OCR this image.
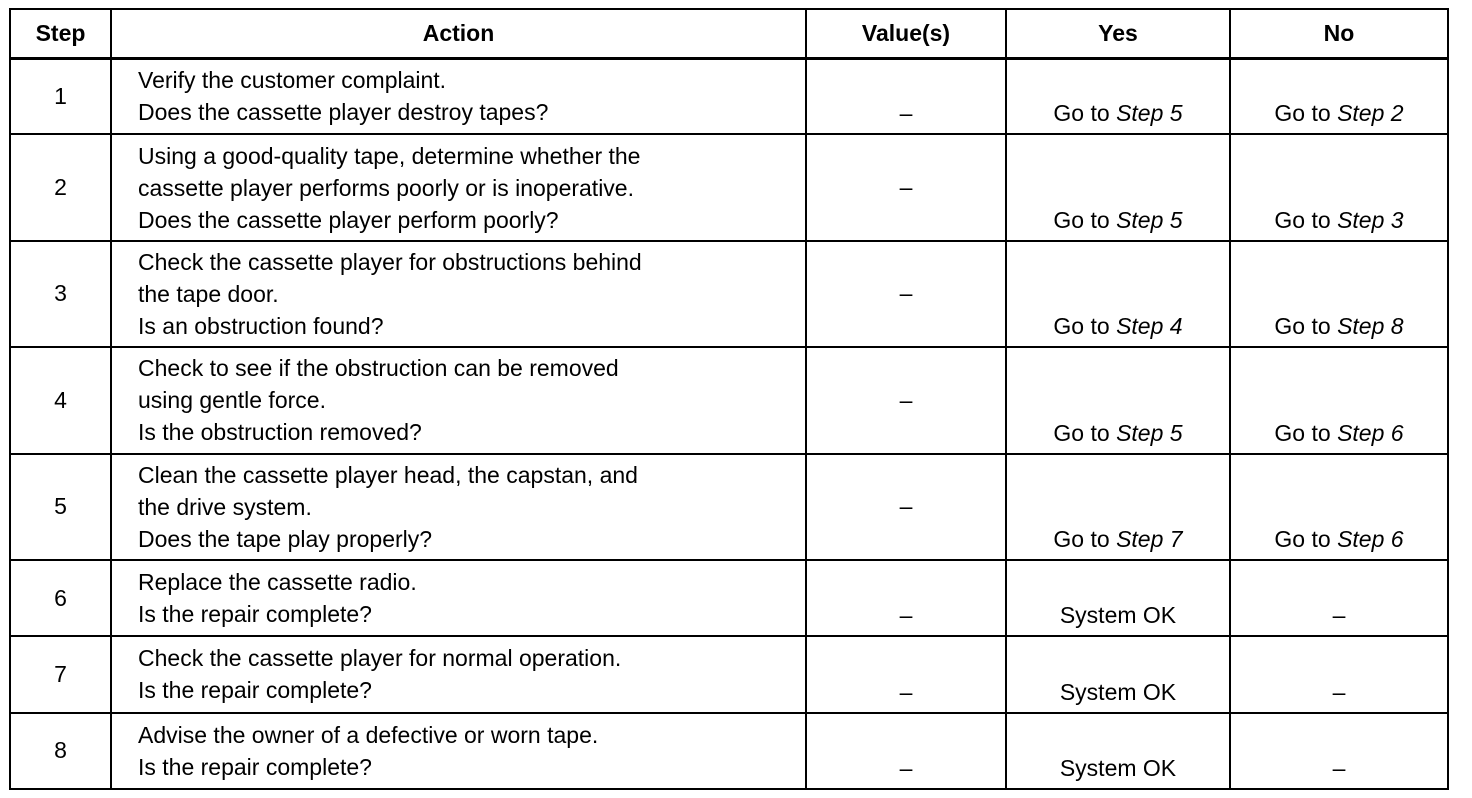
Step	Action	Value(s)	Yes	No
1	Verify the customer complaint.
Does the cassette player destroy tapes?	–	Go to Step 5	Go to Step 2
2	Using a good-quality tape, determine whether the
cassette player performs poorly or is inoperative.
Does the cassette player perform poorly?	–	Go to Step 5	Go to Step 3
3	Check the cassette player for obstructions behind
the tape door.
Is an obstruction found?	–	Go to Step 4	Go to Step 8
4	Check to see if the obstruction can be removed
using gentle force.
Is the obstruction removed?	–	Go to Step 5	Go to Step 6
5	Clean the cassette player head, the capstan, and
the drive system.
Does the tape play properly?	–	Go to Step 7	Go to Step 6
6	Replace the cassette radio.
Is the repair complete?	–	System OK	–
7	Check the cassette player for normal operation.
Is the repair complete?	–	System OK	–
8	Advise the owner of a defective or worn tape.
Is the repair complete?	–	System OK	–
